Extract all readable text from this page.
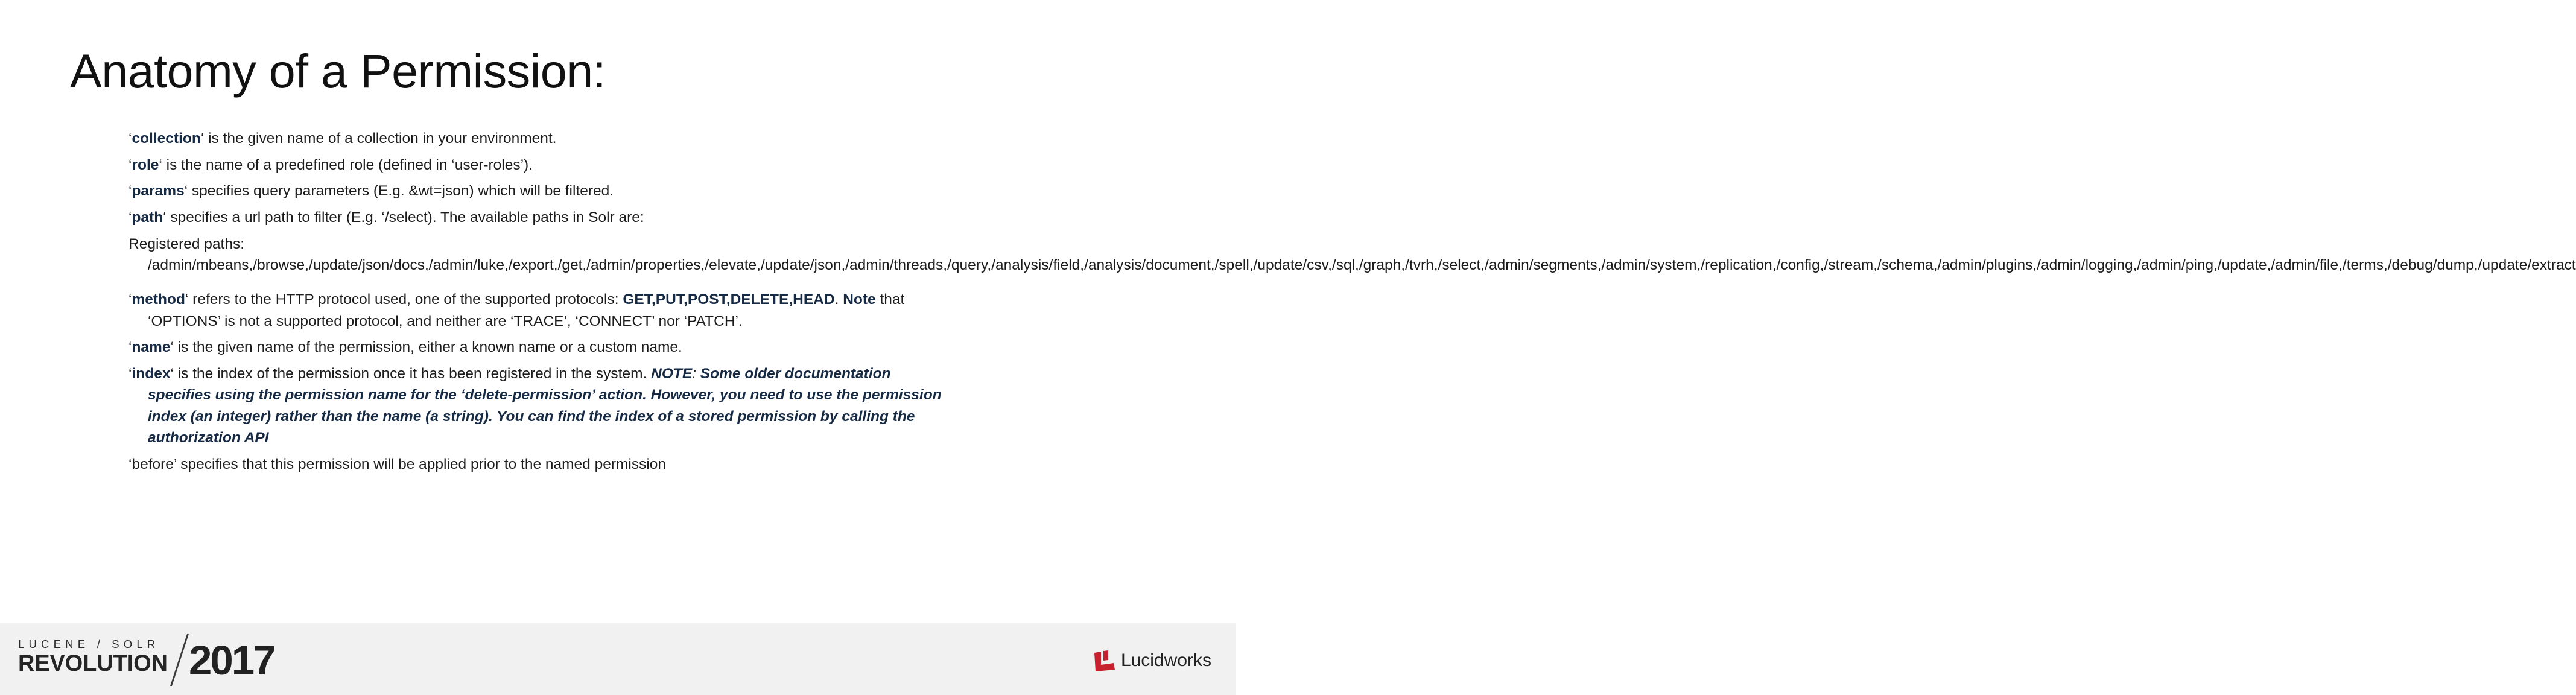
Anatomy of a Permission:

‘collection‘ is the given name of a collection in your environment.

‘role‘ is the name of a predefined role (defined in ‘user-roles’).

‘params‘ specifies query parameters (E.g. &wt=json) which will be filtered.

‘path‘ specifies a url path to filter (E.g. ‘/select). The available paths in Solr are:

Registered paths: /admin/mbeans,/browse,/update/json/docs,/admin/luke,/export,/get,/admin/properties,/elevate,/update/json,/admin/threads,/query,/analysis/field,/analysis/document,/spell,/update/csv,/sql,/graph,/tvrh,/select,/admin/segments,/admin/system,/replication,/config,/stream,/schema,/admin/plugins,/admin/logging,/admin/ping,/update,/admin/file,/terms,/debug/dump,/update/extract

‘method‘ refers to the HTTP protocol used, one of the supported protocols: GET,PUT,POST,DELETE,HEAD. Note that ‘OPTIONS’ is not a supported protocol, and neither are ‘TRACE’, ‘CONNECT’ nor ‘PATCH’.

‘name‘ is the given name of the permission, either a known name or a custom name.

‘index‘ is the index of the permission once it has been registered in the system. NOTE: Some older documentation specifies using the permission name for the ‘delete-permission’ action. However, you need to use the permission index (an integer) rather than the name (a string). You can find the index of a stored permission by calling the authorization API

‘before’ specifies that this permission will be applied prior to the named permission

LUCENE / SOLR
REVOLUTION 2017	Lucidworks
